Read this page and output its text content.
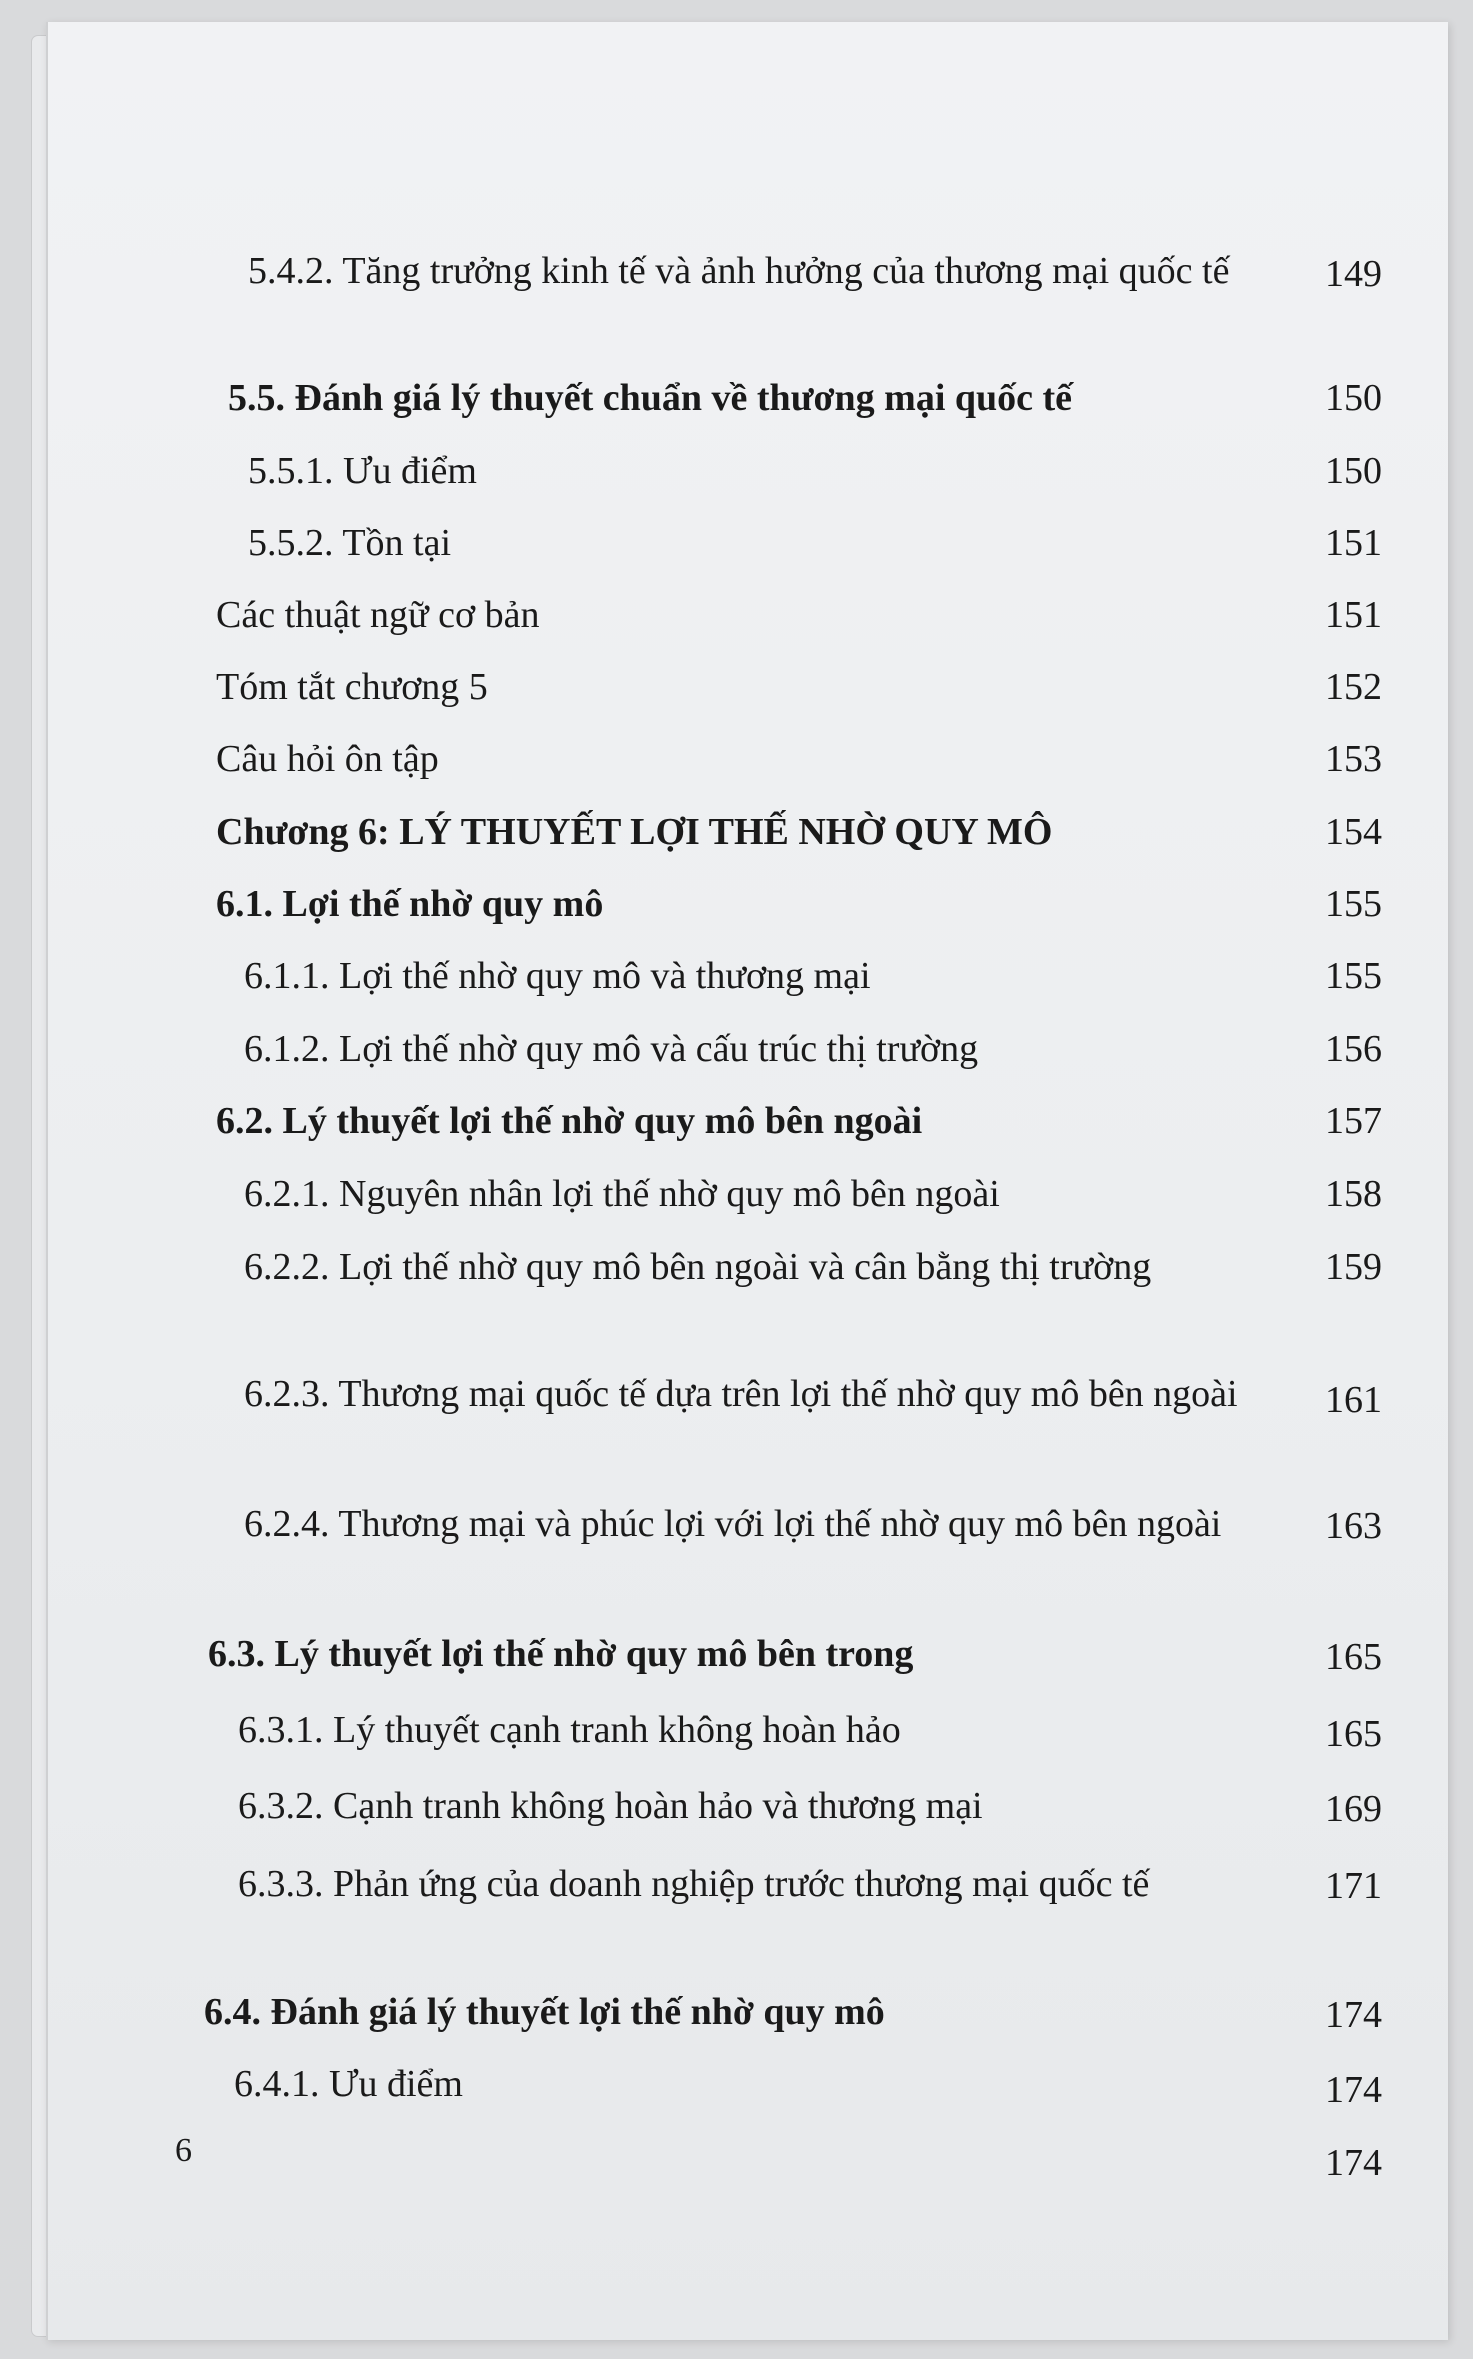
5.4.2. Tăng trưởng kinh tế và ảnh hưởng của thương mại quốc tế	149
5.5. Đánh giá lý thuyết chuẩn về thương mại quốc tế	150
5.5.1. Ưu điểm	150
5.5.2. Tồn tại	151
Các thuật ngữ cơ bản	151
Tóm tắt chương 5	152
Câu hỏi ôn tập	153
Chương 6: LÝ THUYẾT LỢI THẾ NHỜ QUY MÔ	154
6.1. Lợi thế nhờ quy mô	155
6.1.1. Lợi thế nhờ quy mô và thương mại	155
6.1.2. Lợi thế nhờ quy mô và cấu trúc thị trường	156
6.2. Lý thuyết lợi thế nhờ quy mô bên ngoài	157
6.2.1. Nguyên nhân lợi thế nhờ quy mô bên ngoài	158
6.2.2. Lợi thế nhờ quy mô bên ngoài và cân bằng thị trường	159
6.2.3. Thương mại quốc tế dựa trên lợi thế nhờ quy mô bên ngoài	161
6.2.4. Thương mại và phúc lợi với lợi thế nhờ quy mô bên ngoài	163
6.3. Lý thuyết lợi thế nhờ quy mô bên trong	165
6.3.1. Lý thuyết cạnh tranh không hoàn hảo	165
6.3.2. Cạnh tranh không hoàn hảo và thương mại	169
6.3.3. Phản ứng của doanh nghiệp trước thương mại quốc tế	171
6.4. Đánh giá lý thuyết lợi thế nhờ quy mô	174
6.4.1. Ưu điểm	174
174
6
